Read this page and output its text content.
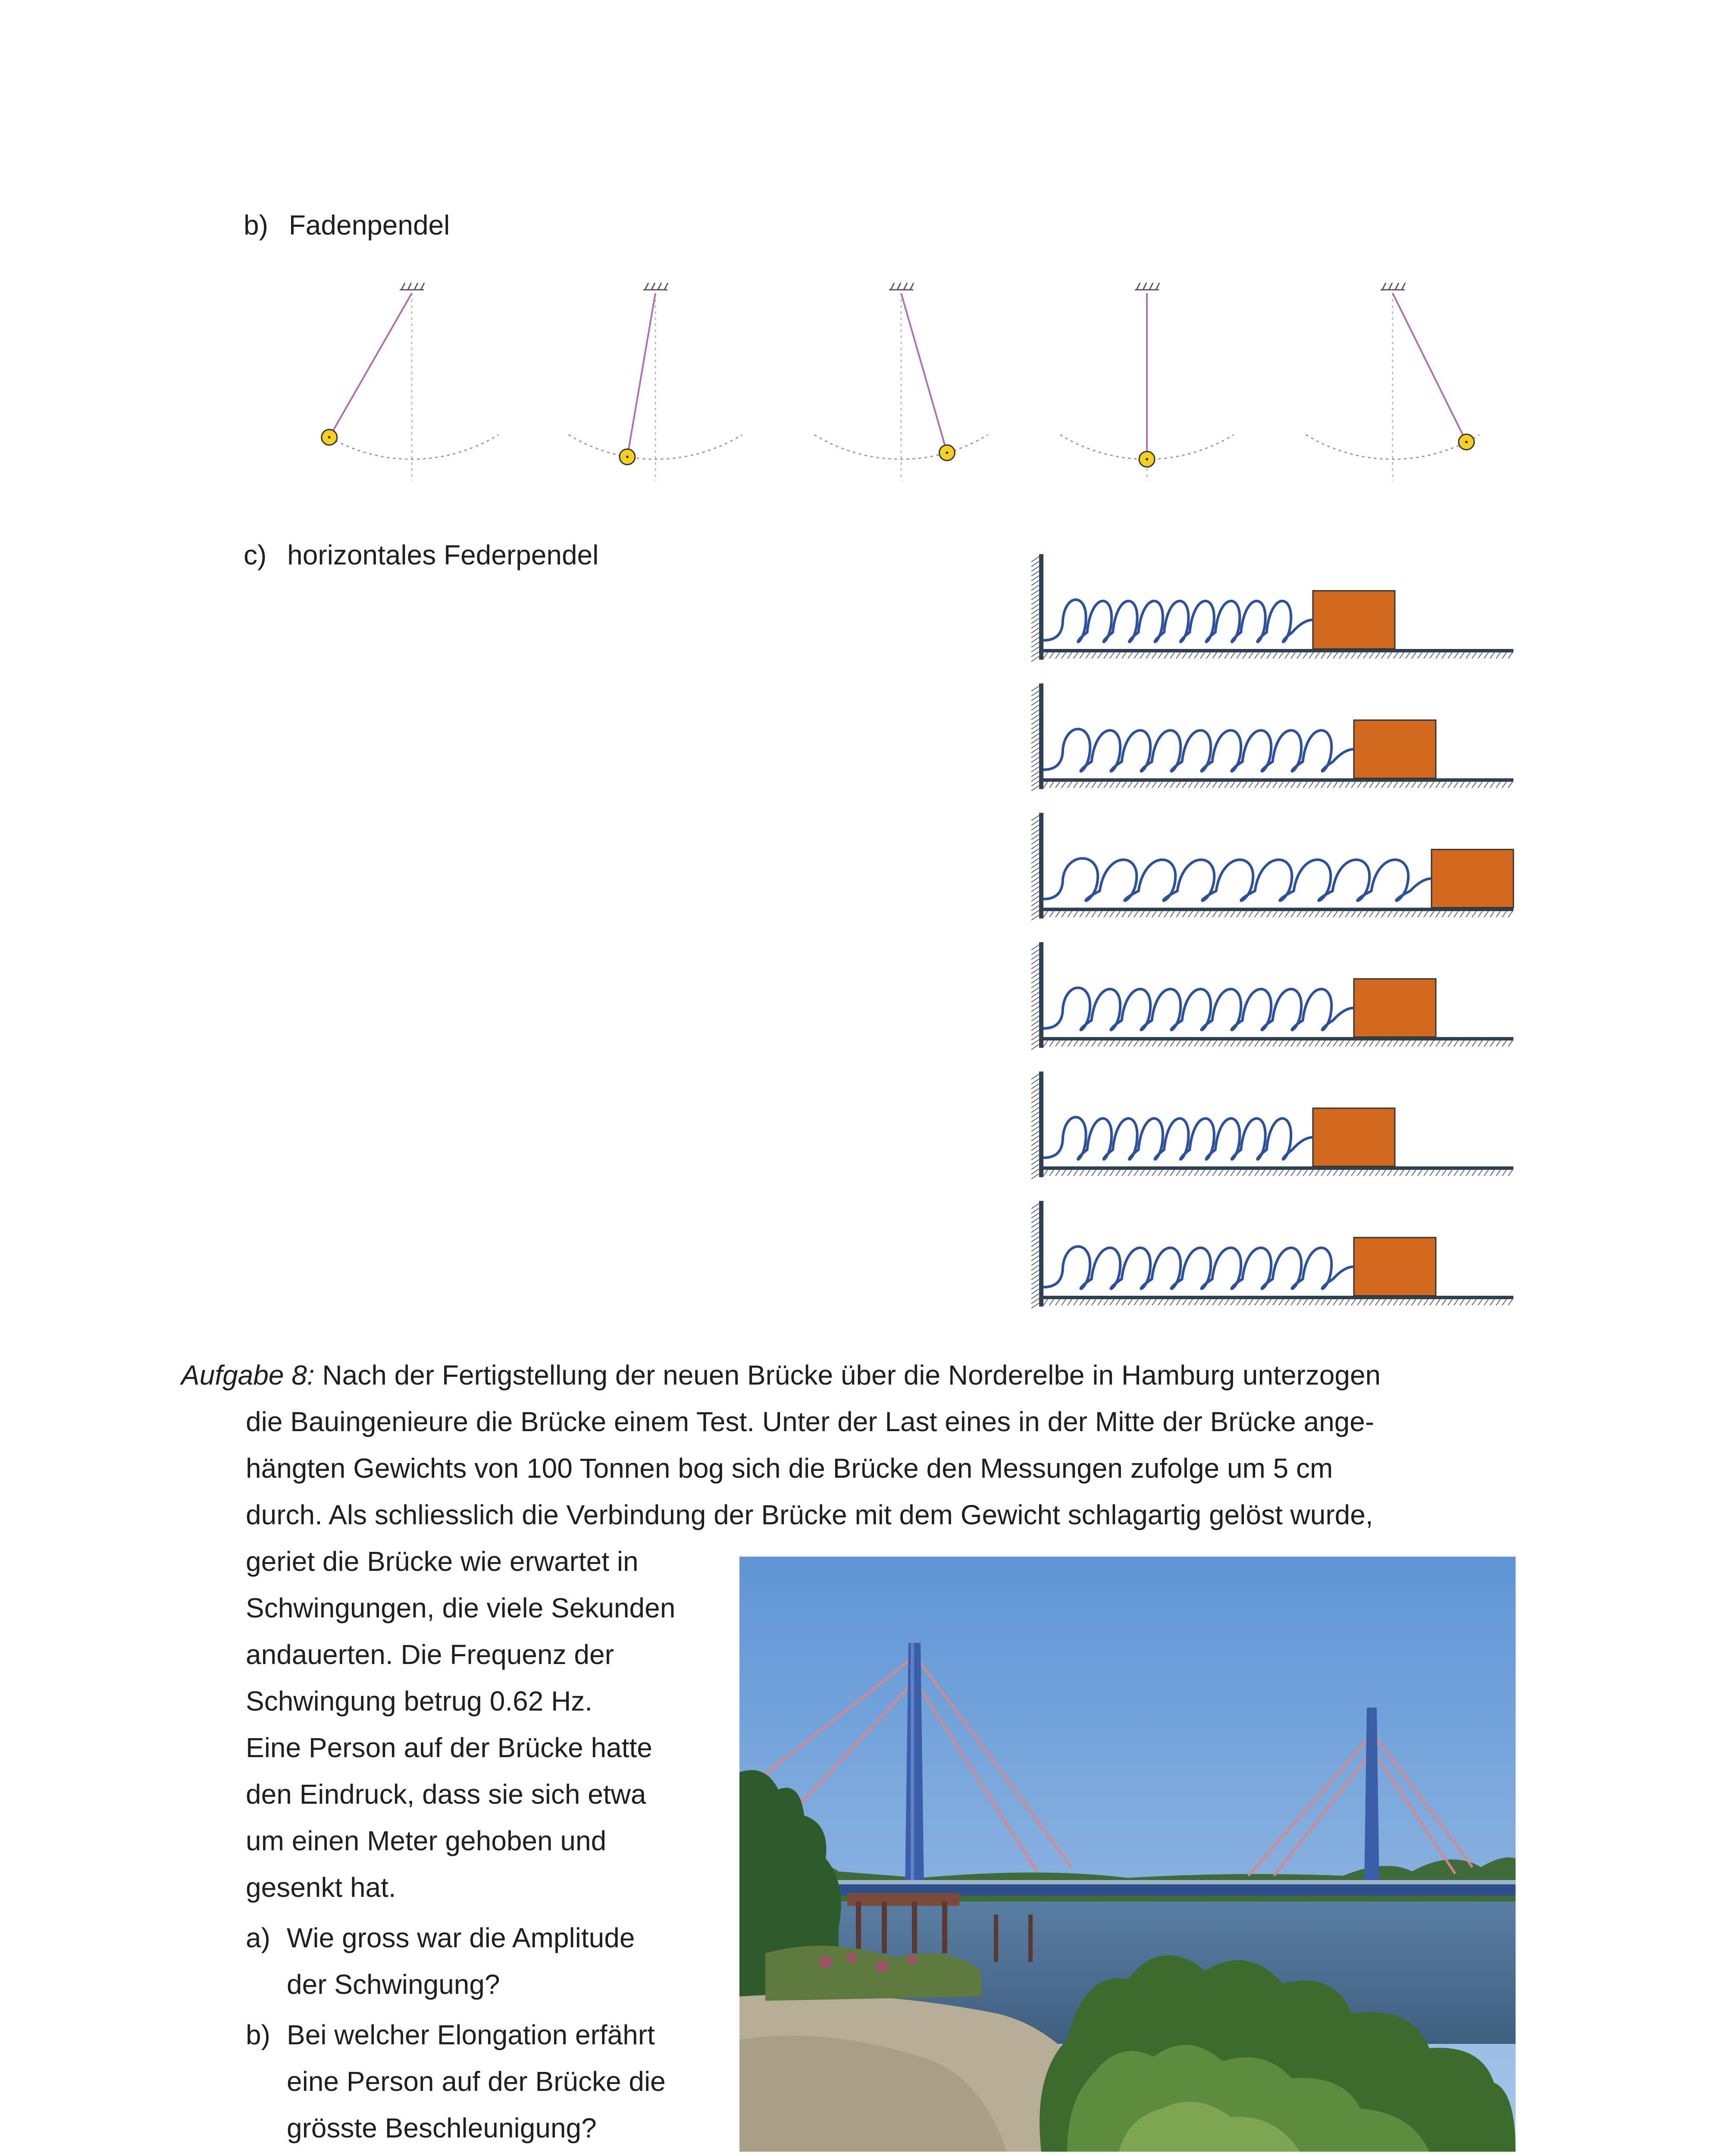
b) Fadenpendel
c) horizontales Federpendel
Aufgabe 8: Nach der Fertigstellung der neuen Brücke über die Norderelbe in Hamburg unterzogen
die Bauingenieure die Brücke einem Test. Unter der Last eines in der Mitte der Brücke ange-
hängten Gewichts von 100 Tonnen bog sich die Brücke den Messungen zufolge um 5 cm
durch. Als schliesslich die Verbindung der Brücke mit dem Gewicht schlagartig gelöst wurde,
geriet die Brücke wie erwartet in
Schwingungen, die viele Sekunden
andauerten. Die Frequenz der
Schwingung betrug 0.62 Hz.
Eine Person auf der Brücke hatte
den Eindruck, dass sie sich etwa
um einen Meter gehoben und
gesenkt hat.
a) Wie gross war die Amplitude
der Schwingung?
b) Bei welcher Elongation erfährt
eine Person auf der Brücke die
grösste Beschleunigung?
